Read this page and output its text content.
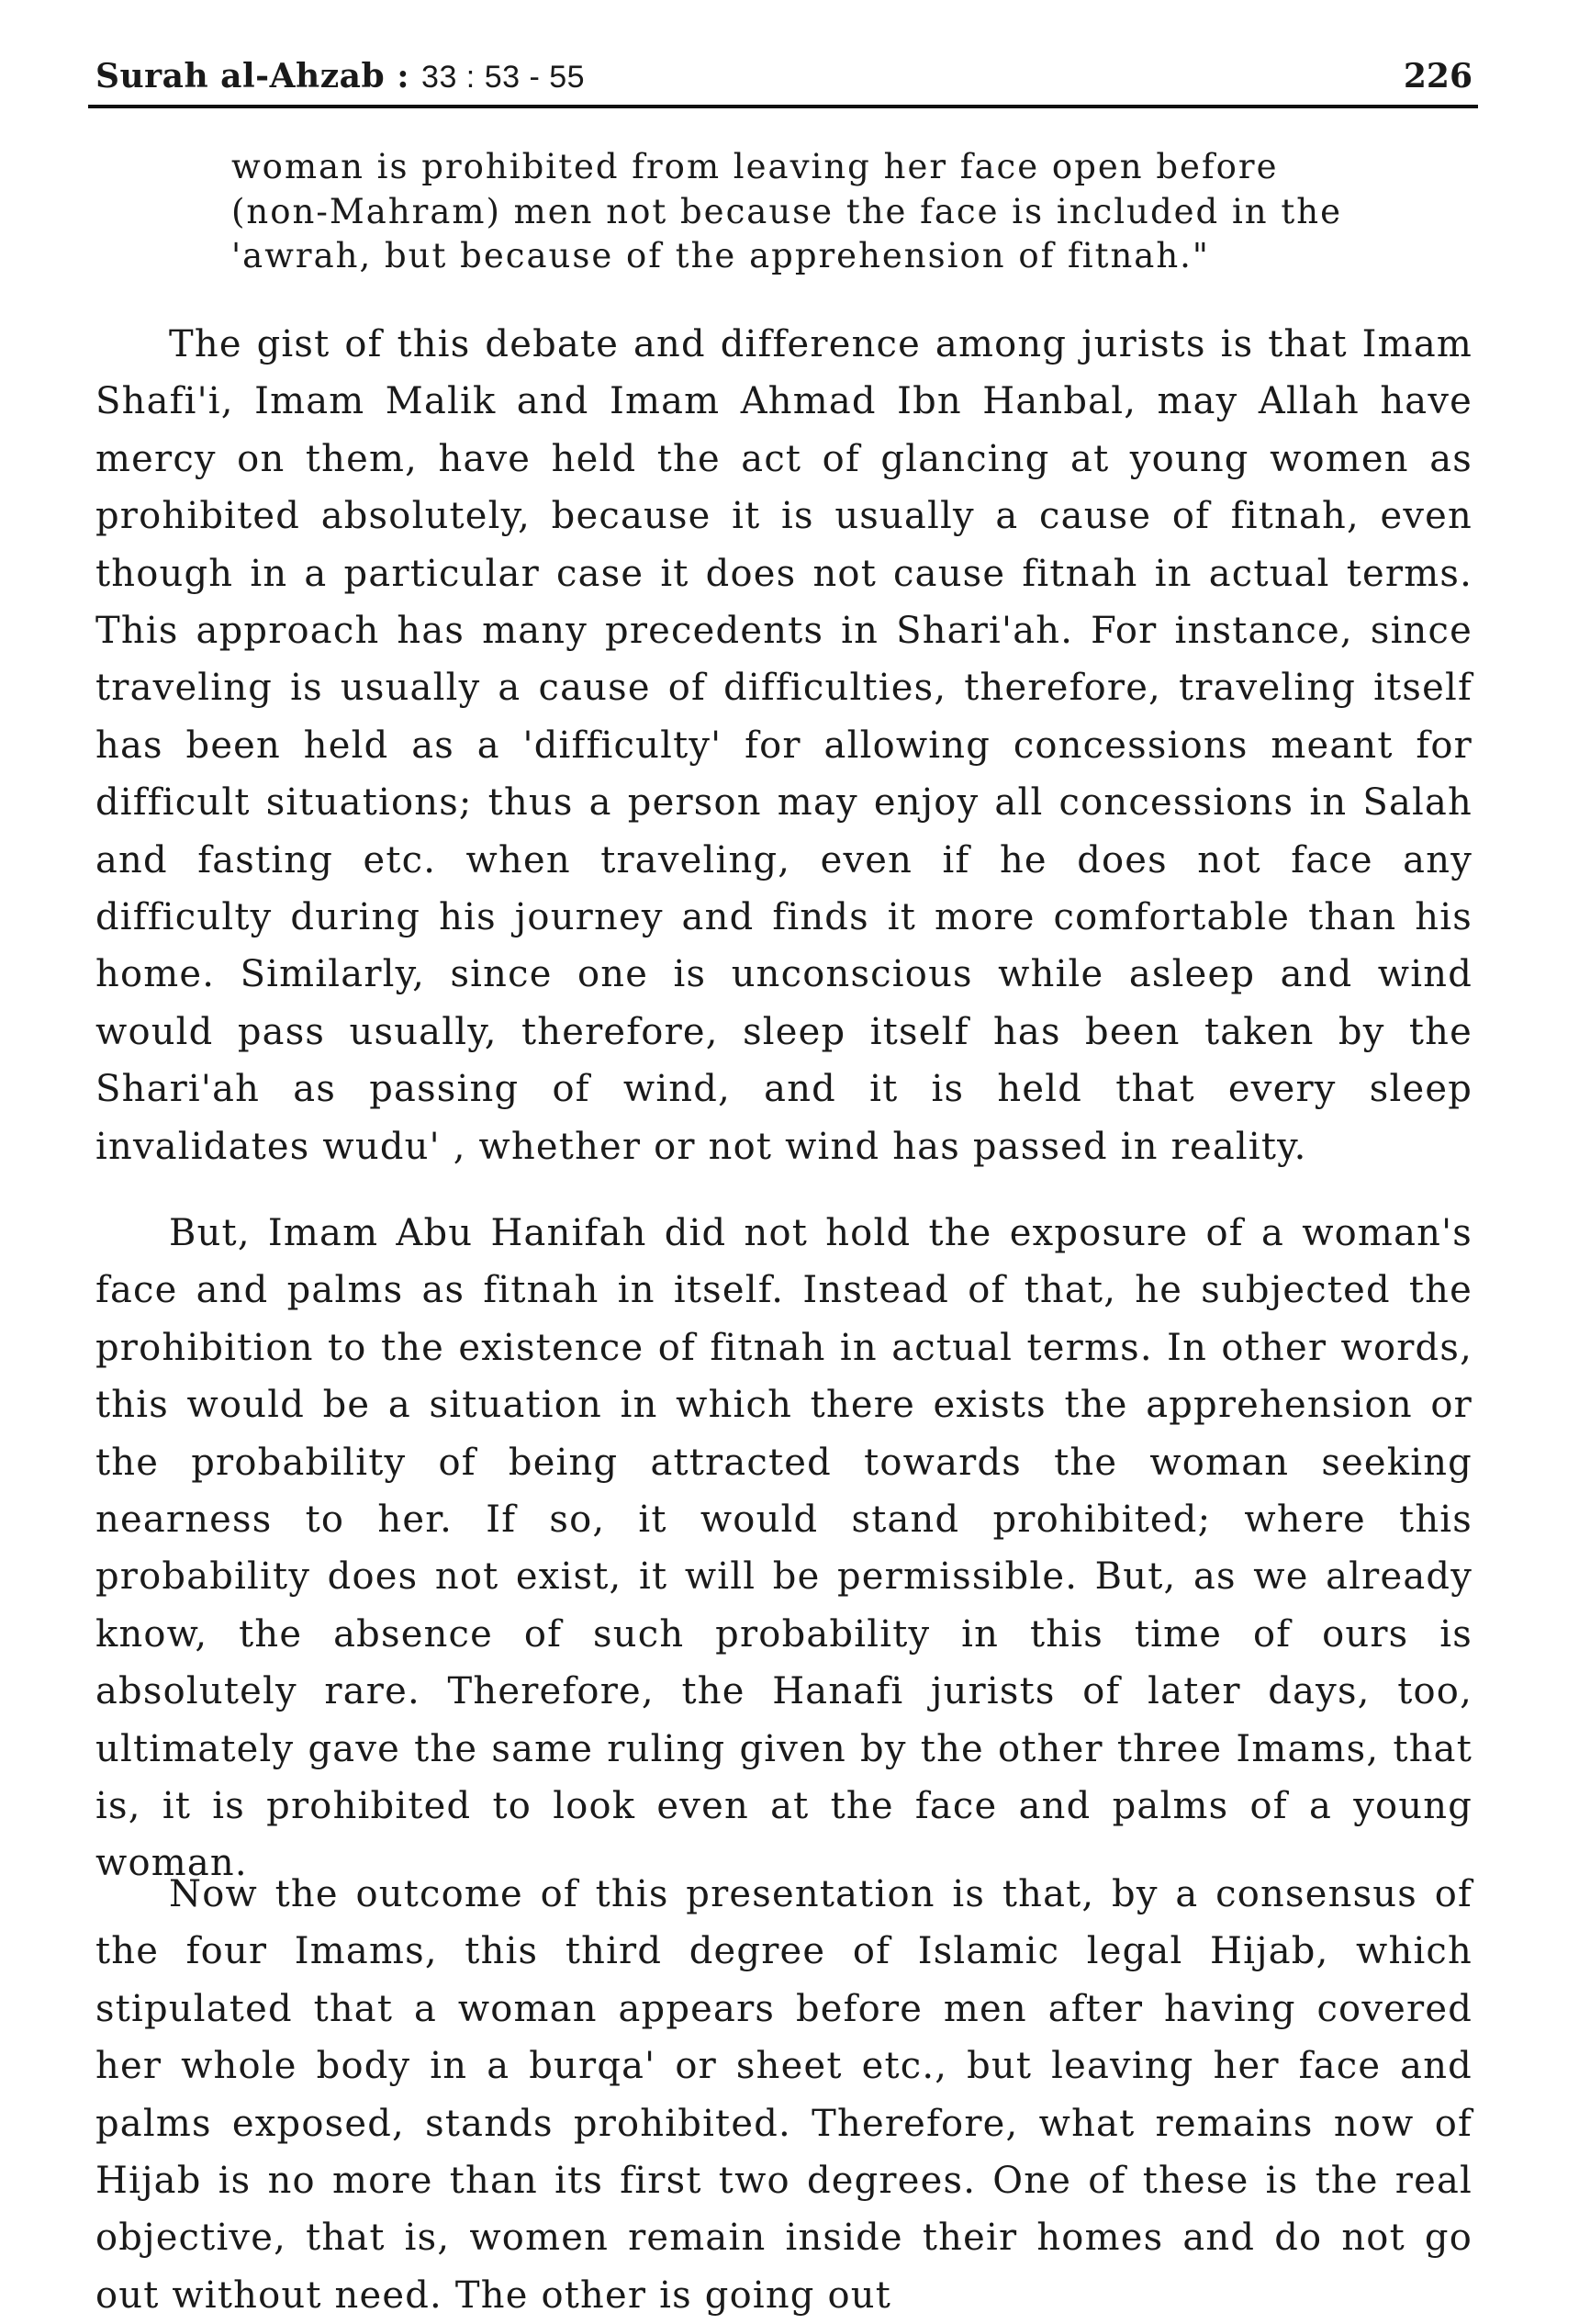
Surah al-Ahzab : 33 : 53 - 55	226
woman is prohibited from leaving her face open before (non-Mahram) men not because the face is included in the 'awrah, but because of the apprehension of fitnah."

The gist of this debate and difference among jurists is that Imam Shafi'i, Imam Malik and Imam Ahmad Ibn Hanbal, may Allah have mercy on them, have held the act of glancing at young women as prohibited absolutely, because it is usually a cause of fitnah, even though in a particular case it does not cause fitnah in actual terms. This approach has many precedents in Shari'ah. For instance, since traveling is usually a cause of difficulties, therefore, traveling itself has been held as a 'difficulty' for allowing concessions meant for difficult situations; thus a person may enjoy all concessions in Salah and fasting etc. when traveling, even if he does not face any difficulty during his journey and finds it more comfortable than his home. Similarly, since one is unconscious while asleep and wind would pass usually, therefore, sleep itself has been taken by the Shari'ah as passing of wind, and it is held that every sleep invalidates wudu' , whether or not wind has passed in reality.

But, Imam Abu Hanifah did not hold the exposure of a woman's face and palms as fitnah in itself. Instead of that, he subjected the prohibition to the existence of fitnah in actual terms. In other words, this would be a situation in which there exists the apprehension or the probability of being attracted towards the woman seeking nearness to her. If so, it would stand prohibited; where this probability does not exist, it will be permissible. But, as we already know, the absence of such probability in this time of ours is absolutely rare. Therefore, the Hanafi jurists of later days, too, ultimately gave the same ruling given by the other three Imams, that is, it is prohibited to look even at the face and palms of a young woman.

Now the outcome of this presentation is that, by a consensus of the four Imams, this third degree of Islamic legal Hijab, which stipulated that a woman appears before men after having covered her whole body in a burqa' or sheet etc., but leaving her face and palms exposed, stands prohibited. Therefore, what remains now of Hijab is no more than its first two degrees. One of these is the real objective, that is, women remain inside their homes and do not go out without need. The other is going out
